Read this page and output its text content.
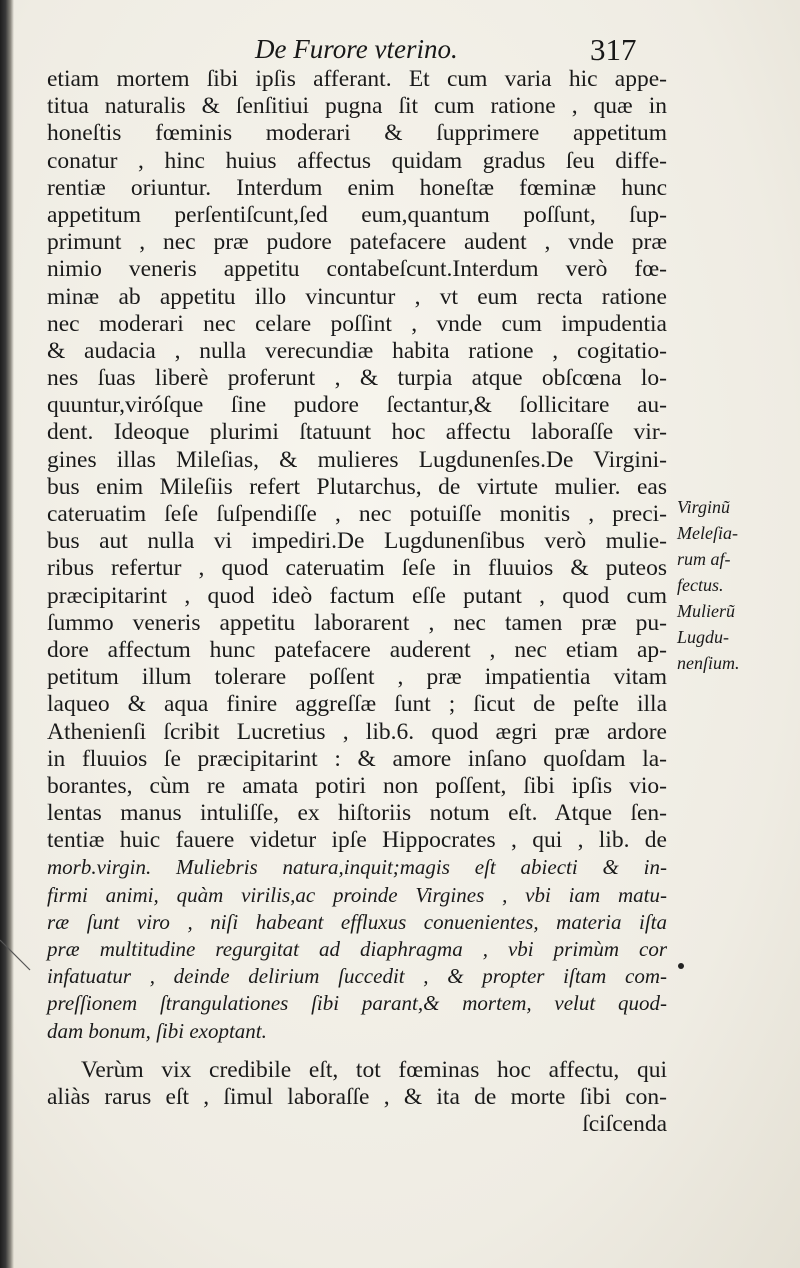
De Furore vterino.	317
etiam mortem ſibi ipſis afferant. Et cum varia hic appe-
titua naturalis & ſenſitiui pugna ſit cum ratione , quæ in
honeſtis fœminis moderari & ſupprimere appetitum
conatur , hinc huius affectus quidam gradus ſeu diffe-
rentiæ oriuntur. Interdum enim honeſtæ fœminæ hunc
appetitum perſentiſcunt,ſed eum,quantum poſſunt, ſup-
primunt , nec præ pudore patefacere audent , vnde præ
nimio veneris appetitu contabeſcunt.Interdum verò fœ-
minæ ab appetitu illo vincuntur , vt eum recta ratione
nec moderari nec celare poſſint , vnde cum impudentia
& audacia , nulla verecundiæ habita ratione , cogitatio-
nes ſuas liberè proferunt , & turpia atque obſcœna lo-
quuntur,viróſque ſine pudore ſectantur,& ſollicitare au-
dent. Ideoque plurimi ſtatuunt hoc affectu laboraſſe vir-
gines illas Mileſias, & mulieres Lugdunenſes.De Virgini-
bus enim Mileſiis refert Plutarchus, de virtute mulier. eas
cateruatim ſeſe ſuſpendiſſe , nec potuiſſe monitis , preci-
bus aut nulla vi impediri.De Lugdunenſibus verò mulie-
ribus refertur , quod cateruatim ſeſe in fluuios & puteos
præcipitarint , quod ideò factum eſſe putant , quod cum
ſummo veneris appetitu laborarent , nec tamen præ pu-
dore affectum hunc patefacere auderent , nec etiam ap-
petitum illum tolerare poſſent , præ impatientia vitam
laqueo & aqua finire aggreſſæ ſunt ; ſicut de peſte illa
Athenienſi ſcribit Lucretius , lib.6. quod ægri præ ardore
in fluuios ſe præcipitarint : & amore inſano quoſdam la-
borantes, cùm re amata potiri non poſſent, ſibi ipſis vio-
lentas manus intuliſſe, ex hiſtoriis notum eſt. Atque ſen-
tentiæ huic fauere videtur ipſe Hippocrates , qui , lib. de
morb.virgin. Muliebris natura,inquit;magis eſt abiecti & in-
firmi animi, quàm virilis,ac proinde Virgines , vbi iam matu-
ræ ſunt viro , niſi habeant effluxus conuenientes, materia iſta
præ multitudine regurgitat ad diaphragma , vbi primùm cor
infatuatur , deinde delirium ſuccedit , & propter iſtam com-
preſſionem ſtrangulationes ſibi parant,& mortem, velut quod-
dam bonum, ſibi exoptant.
Verùm vix credibile eſt, tot fœminas hoc affectu, qui
aliàs rarus eſt , ſimul laboraſſe , & ita de morte ſibi con-
ſciſcenda
Virginũ
Meleſia-
rum af-
fectus.
Mulierũ
Lugdu-
nenſium.
